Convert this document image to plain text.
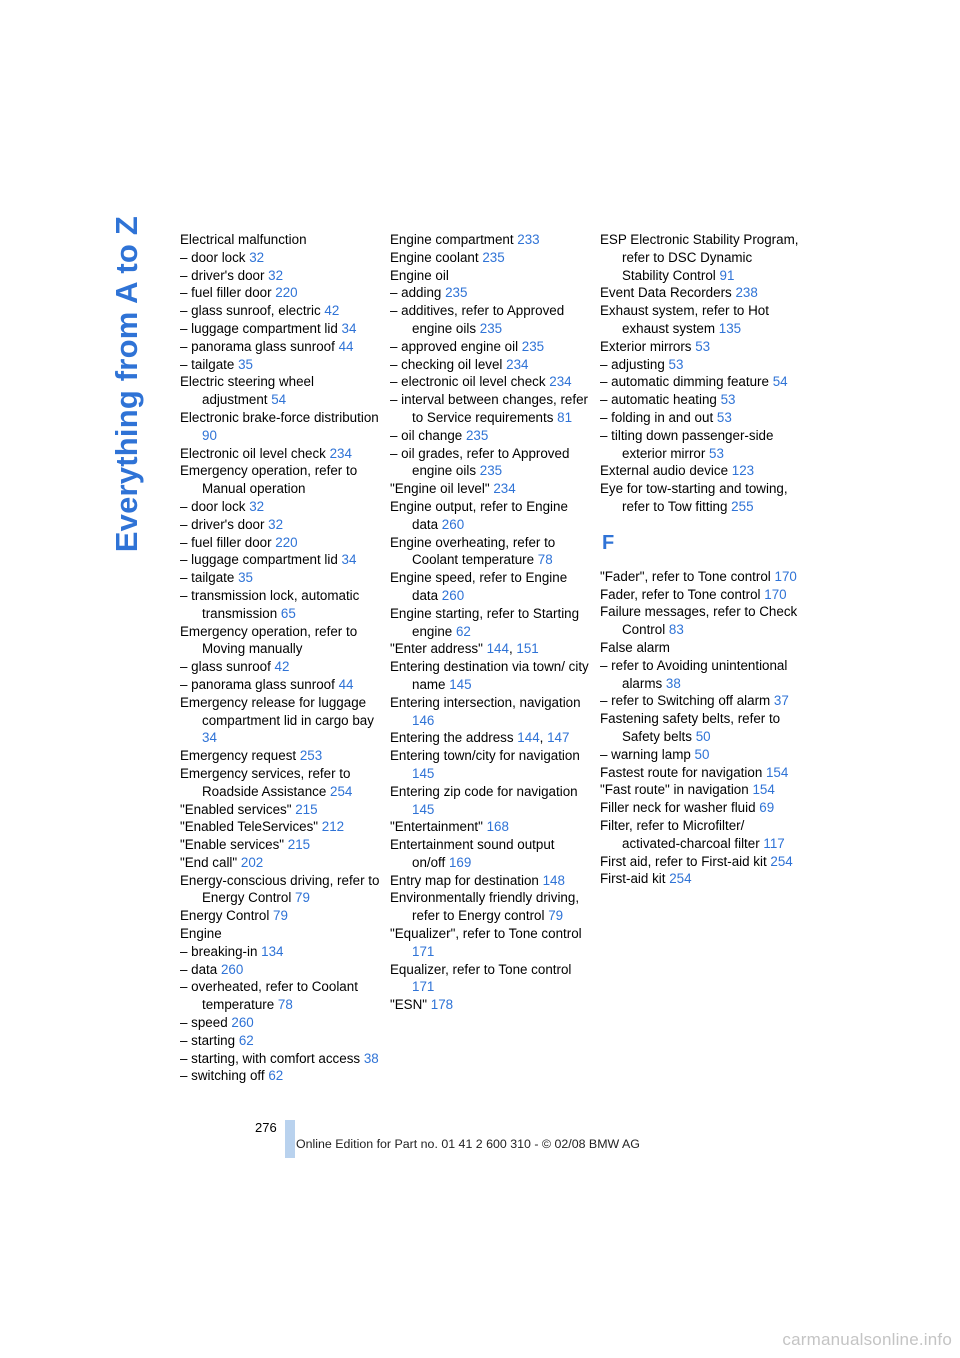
Everything from A to Z	Electrical malfunction
– door lock 32
– driver's door 32
– fuel filler door 220
– glass sunroof, electric 42
– luggage compartment lid 34
– panorama glass sunroof 44
– tailgate 35
Electric steering wheel adjustment 54
Electronic brake-force distribution 90
Electronic oil level check 234
Emergency operation, refer to Manual operation
– door lock 32
– driver's door 32
– fuel filler door 220
– luggage compartment lid 34
– tailgate 35
– transmission lock, automatic transmission 65
Emergency operation, refer to Moving manually
– glass sunroof 42
– panorama glass sunroof 44
Emergency release for luggage compartment lid in cargo bay 34
Emergency request 253
Emergency services, refer to Roadside Assistance 254
"Enabled services" 215
"Enabled TeleServices" 212
"Enable services" 215
"End call" 202
Energy-conscious driving, refer to Energy Control 79
Energy Control 79
Engine
– breaking-in 134
– data 260
– overheated, refer to Coolant temperature 78
– speed 260
– starting 62
– starting, with comfort access 38
– switching off 62
Engine compartment 233
Engine coolant 235
Engine oil
– adding 235
– additives, refer to Approved engine oils 235
– approved engine oil 235
– checking oil level 234
– electronic oil level check 234
– interval between changes, refer to Service requirements 81
– oil change 235
– oil grades, refer to Approved engine oils 235
"Engine oil level" 234
Engine output, refer to Engine data 260
Engine overheating, refer to Coolant temperature 78
Engine speed, refer to Engine data 260
Engine starting, refer to Starting engine 62
"Enter address" 144, 151
Entering destination via town/ city name 145
Entering intersection, navigation 146
Entering the address 144, 147
Entering town/city for navigation 145
Entering zip code for navigation 145
"Entertainment" 168
Entertainment sound output on/off 169
Entry map for destination 148
Environmentally friendly driving, refer to Energy control 79
"Equalizer", refer to Tone control 171
Equalizer, refer to Tone control 171
"ESN" 178
ESP Electronic Stability Program, refer to DSC Dynamic Stability Control 91
Event Data Recorders 238
Exhaust system, refer to Hot exhaust system 135
Exterior mirrors 53
– adjusting 53
– automatic dimming feature 54
– automatic heating 53
– folding in and out 53
– tilting down passenger-side exterior mirror 53
External audio device 123
Eye for tow-starting and towing, refer to Tow fitting 255
F
"Fader", refer to Tone control 170
Fader, refer to Tone control 170
Failure messages, refer to Check Control 83
False alarm
– refer to Avoiding unintentional alarms 38
– refer to Switching off alarm 37
Fastening safety belts, refer to Safety belts 50
– warning lamp 50
Fastest route for navigation 154
"Fast route" in navigation 154
Filler neck for washer fluid 69
Filter, refer to Microfilter/ activated-charcoal filter 117
First aid, refer to First-aid kit 254
First-aid kit 254
276
Online Edition for Part no. 01 41 2 600 310 - © 02/08 BMW AG
carmanualsonline.info
